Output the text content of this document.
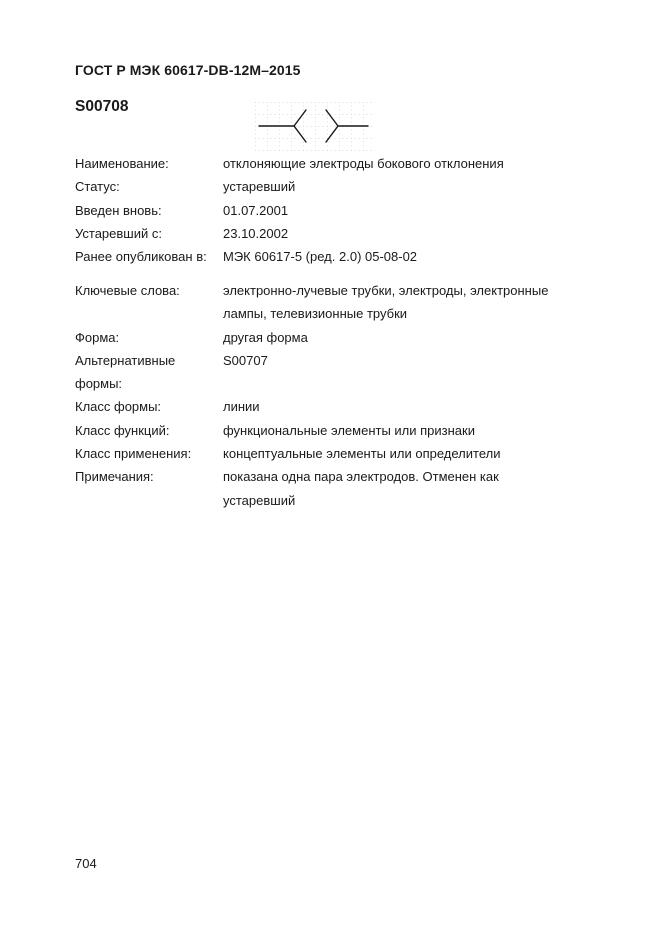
ГОСТ Р МЭК 60617-DB-12M–2015
S00708
Наименование:	отклоняющие электроды бокового отклонения
Статус:	устаревший
Введен вновь:	01.07.2001
Устаревший с:	23.10.2002
Ранее опубликован в: МЭК 60617-5 (ред. 2.0) 05-08-02
Ключевые слова:	электронно-лучевые трубки, электроды, электронные лампы, телевизионные трубки
Форма:	другая форма
Альтернативные формы:
S00707
Класс формы:	линии
Класс функций:	функциональные элементы или признаки
Класс применения:	концептуальные элементы или определители
Примечания:	показана одна пара электродов. Отменен как устаревший
704
